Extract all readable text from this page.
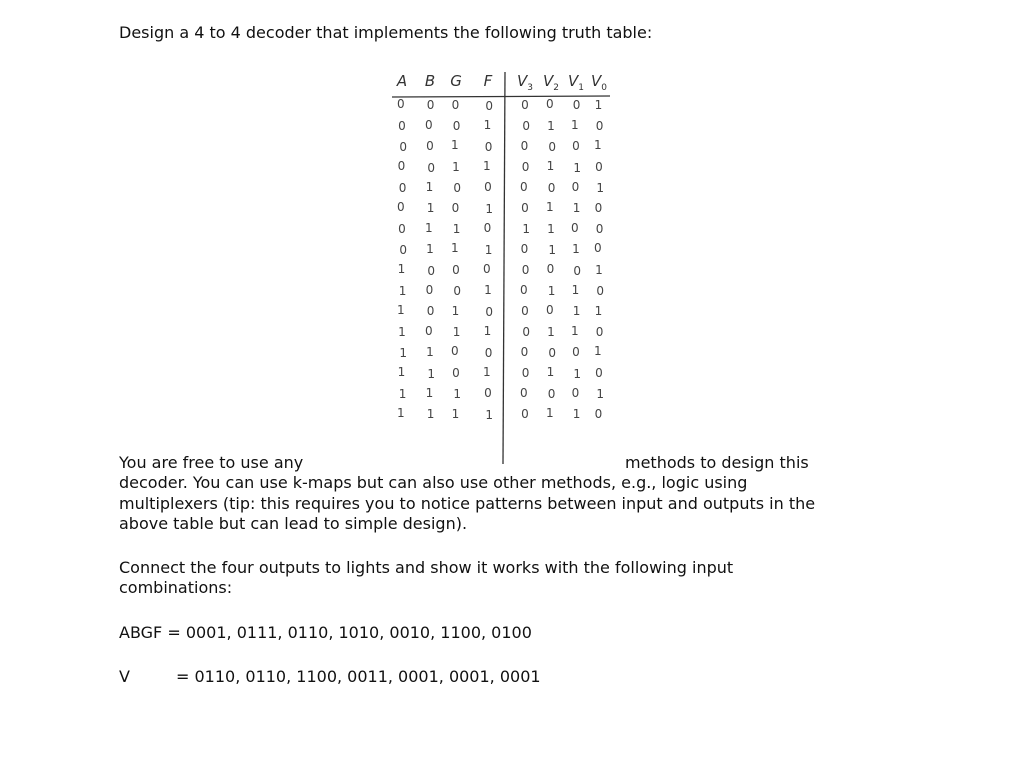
Design a 4 to 4 decoder that implements the following truth table:
A	B	G	F	$V_3$ $V_2$ $V_1$ $V_0$
0	0	0	0	0	0	0	1
0	0	0	1	0	1	1	0
0	0	1	0	0	0	0	1
0	0	1	1	0	1	1	0
0	1	0	0	0	0	0	1
0	1	0	1	0	1	1	0
0	1	1	0	1	1	0	0
0	1	1	1	0	1	1	0
1	0	0	0	0	0	0	1
1	0	0	1	0	1	1	0
1	0	1	0	0	0	1	1
1	0	1	1	0	1	1	0
1	1	0	0	0	0	0	1
1	1	0	1	0	1	1	0
1	1	1	0	0	0	0	1
1	1	1	1	0	1	1	0
You are free to use any	methods to design this
decoder. You can use k-maps but can also use other methods, e.g., logic using
multiplexers (tip: this requires you to notice patterns between input and outputs in the
above table but can lead to simple design).
Connect the four outputs to lights and show it works with the following input
combinations:
ABGF = 0001, 0111, 0110, 1010, 0010, 1100, 0100
V	= 0110, 0110, 1100, 0011, 0001, 0001, 0001
